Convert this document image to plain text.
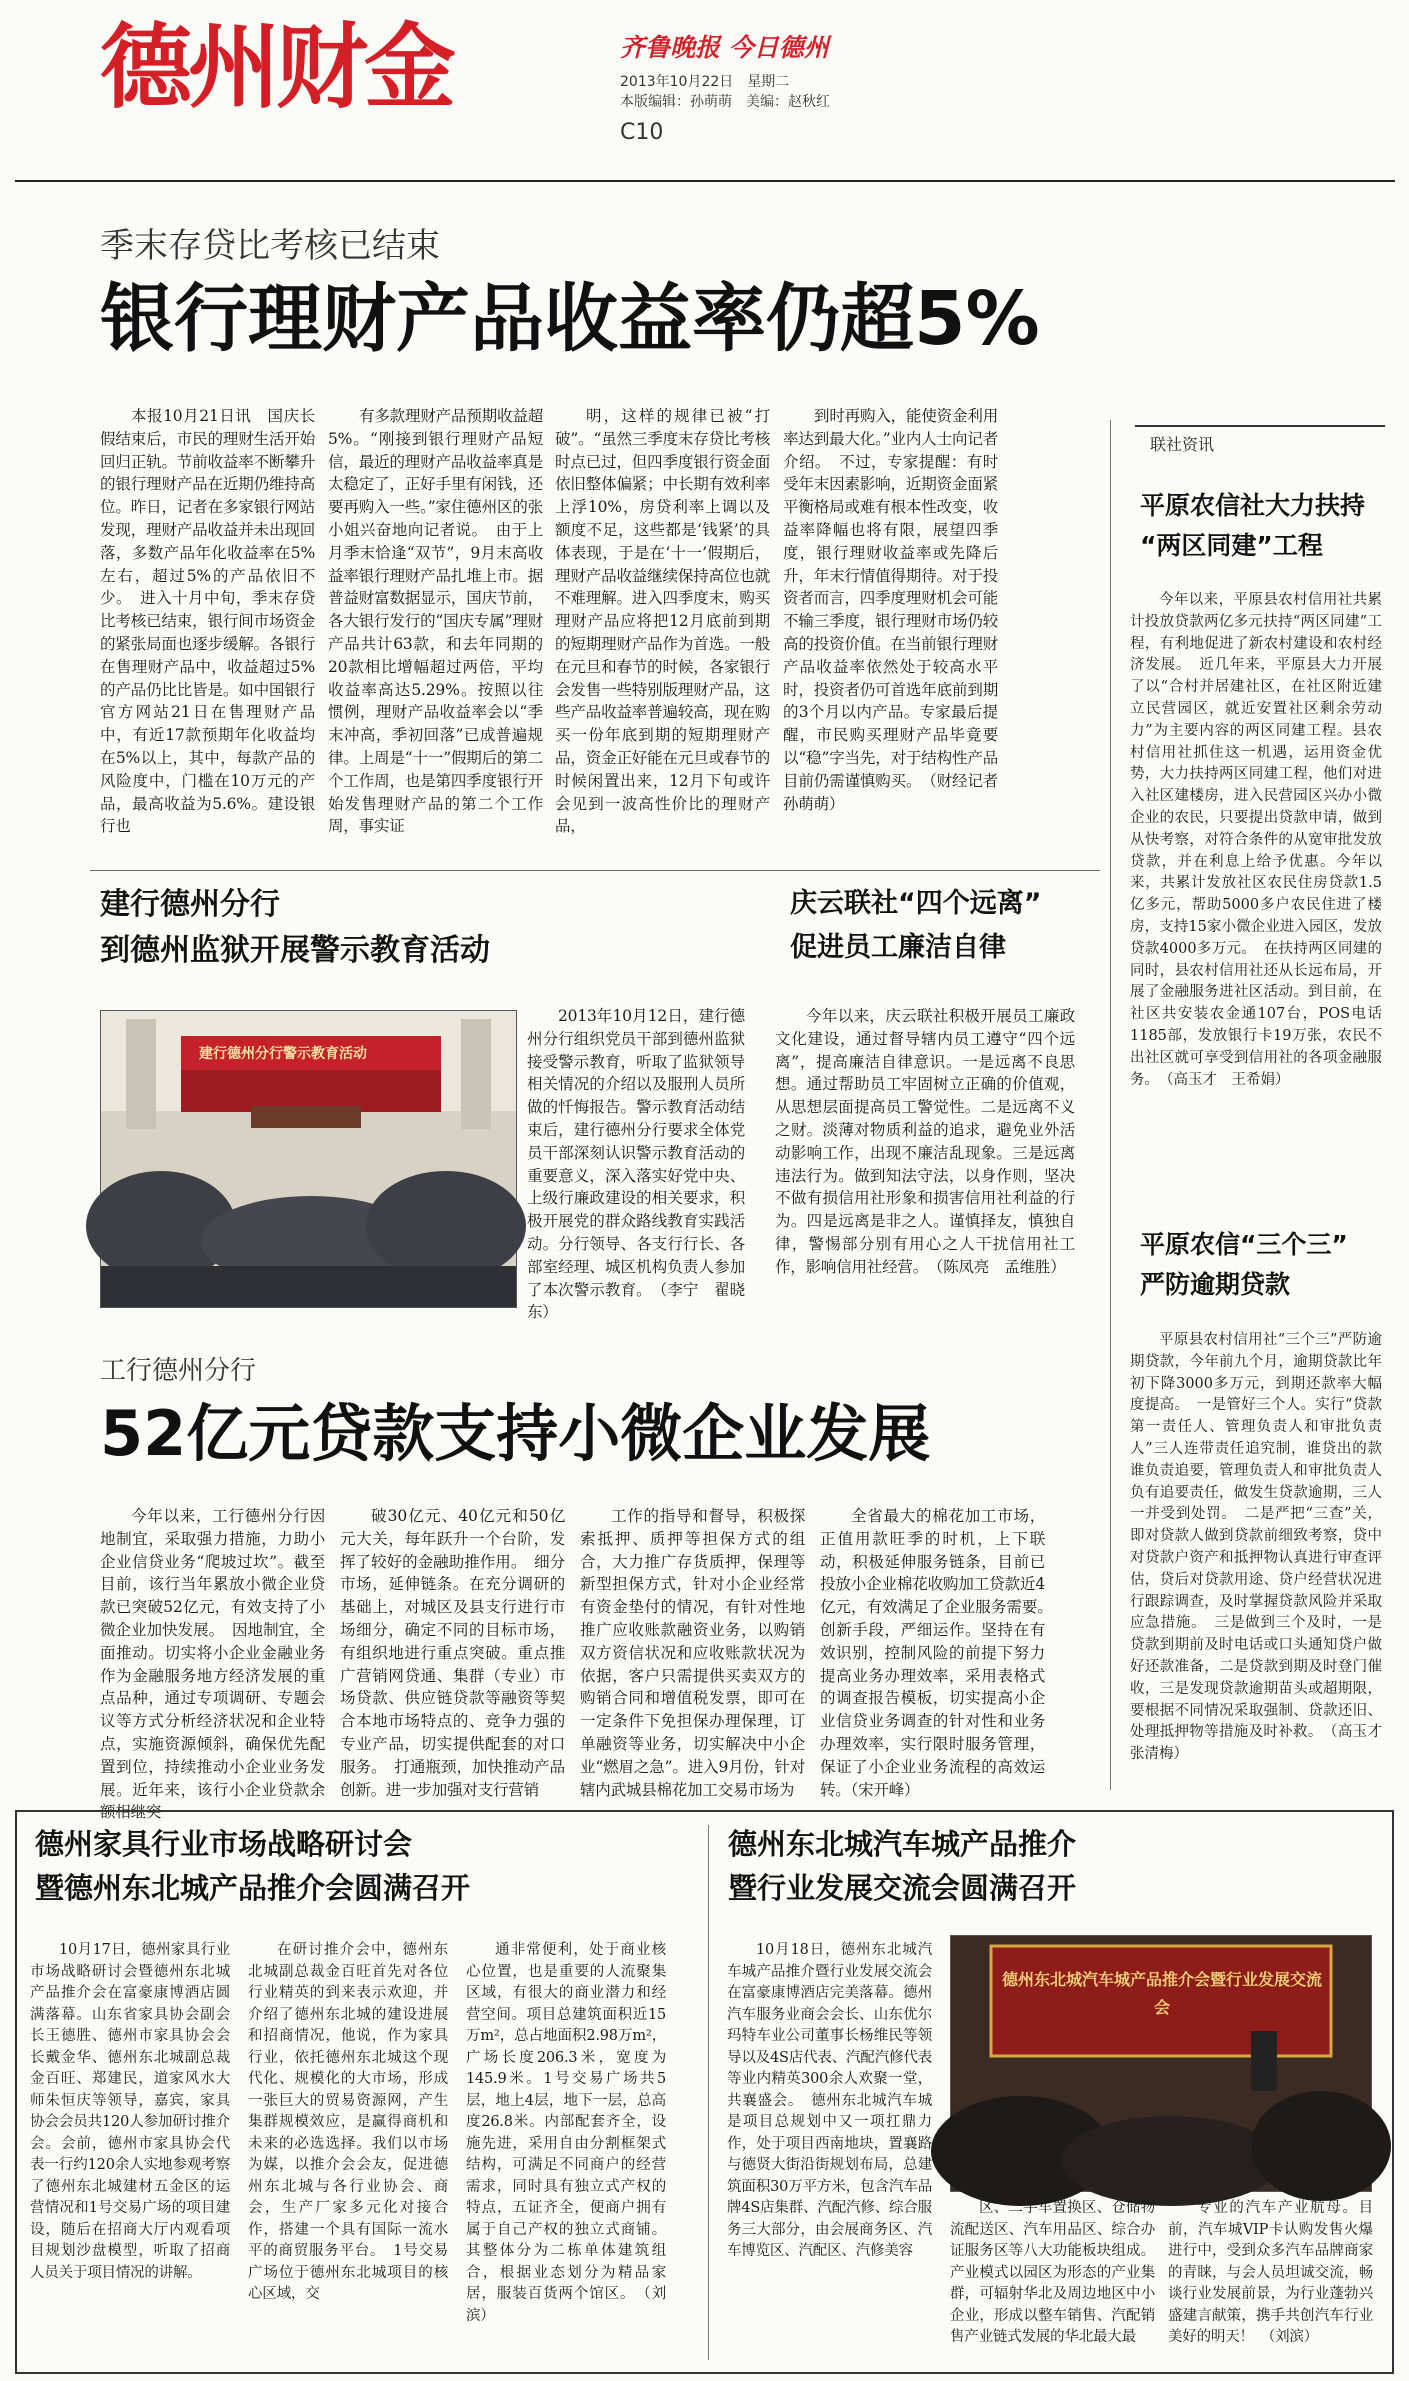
德州财金	齐鲁晚报 今日德州
2013年10月22日　星期二
本版编辑：孙萌萌　美编：赵秋红
C10
季末存贷比考核已结束
银行理财产品收益率仍超5%

本报10月21日讯　国庆长假结束后，市民的理财生活开始回归正轨。节前收益率不断攀升的银行理财产品在近期仍维持高位。昨日，记者在多家银行网站发现，理财产品收益并未出现回落，多数产品年化收益率在5%左右，超过5%的产品依旧不少。　进入十月中旬，季末存贷比考核已结束，银行间市场资金的紧张局面也逐步缓解。各银行在售理财产品中，收益超过5%的产品仍比比皆是。如中国银行官方网站21日在售理财产品中，有近17款预期年化收益均在5%以上，其中，每款产品的风险度中，门槛在10万元的产品，最高收益为5.6%。建设银行也

有多款理财产品预期收益超5%。“刚接到银行理财产品短信，最近的理财产品收益率真是太稳定了，正好手里有闲钱，还要再购入一些。”家住德州区的张小姐兴奋地向记者说。　由于上月季末恰逢“双节”，9月末高收益率银行理财产品扎堆上市。据普益财富数据显示，国庆节前，各大银行发行的“国庆专属”理财产品共计63款，和去年同期的20款相比增幅超过两倍，平均收益率高达5.29%。按照以往惯例，理财产品收益率会以“季末冲高，季初回落”已成普遍规律。上周是“十一”假期后的第二个工作周，也是第四季度银行开始发售理财产品的第二个工作周，事实证

明，这样的规律已被“打破”。“虽然三季度末存贷比考核时点已过，但四季度银行资金面依旧整体偏紧；中长期有效利率上浮10%，房贷利率上调以及额度不足，这些都是‘钱紧’的具体表现，于是在‘十一’假期后，理财产品收益继续保持高位也就不难理解。进入四季度末，购买理财产品应将把12月底前到期的短期理财产品作为首选。一般在元旦和春节的时候，各家银行会发售一些特别版理财产品，这些产品收益率普遍较高，现在购买一份年底到期的短期理财产品，资金正好能在元旦或春节的时候闲置出来，12月下旬或许会见到一波高性价比的理财产品，

到时再购入，能使资金利用率达到最大化。”业内人士向记者介绍。　不过，专家提醒：有时受年末因素影响，近期资金面紧平衡格局或难有根本性改变，收益率降幅也将有限，展望四季度，银行理财收益率或先降后升，年末行情值得期待。对于投资者而言，四季度理财机会可能不输三季度，银行理财市场仍较高的投资价值。在当前银行理财产品收益率依然处于较高水平时，投资者仍可首选年底前到期的3个月以内产品。专家最后提醒，市民购买理财产品毕竟要以“稳”字当先，对于结构性产品目前仍需谨慎购买。　（财经记者　孙萌萌）

联社资讯
平原农信社大力扶持
“两区同建”工程

今年以来，平原县农村信用社共累计投放贷款两亿多元扶持“两区同建”工程，有利地促进了新农村建设和农村经济发展。　近几年来，平原县大力开展了以“合村并居建社区，在社区附近建立民营园区，就近安置社区剩余劳动力”为主要内容的两区同建工程。县农村信用社抓住这一机遇，运用资金优势，大力扶持两区同建工程，他们对进入社区建楼房，进入民营园区兴办小微企业的农民，只要提出贷款申请，做到从快考察，对符合条件的从宽审批发放贷款，并在利息上给予优惠。今年以来，共累计发放社区农民住房贷款1.5亿多元，帮助5000多户农民住进了楼房，支持15家小微企业进入园区，发放贷款4000多万元。　在扶持两区同建的同时，县农村信用社还从长远布局，开展了金融服务进社区活动。到目前，在社区共安装农金通107台，POS电话1185部，发放银行卡19万张，农民不出社区就可享受到信用社的各项金融服务。　（高玉才　王希娟）

平原农信“三个三”
严防逾期贷款

平原县农村信用社“三个三”严防逾期贷款，今年前九个月，逾期贷款比年初下降3000多万元，到期还款率大幅度提高。　一是管好三个人。实行“贷款第一责任人、管理负责人和审批负责人”三人连带责任追究制，谁贷出的款谁负责追要，管理负责人和审批负责人负有追要责任，做发生贷款逾期，三人一并受到处罚。　二是严把“三查”关，即对贷款人做到贷款前细致考察，贷中对贷款户资产和抵押物认真进行审查评估，贷后对贷款用途、贷户经营状况进行跟踪调查，及时掌握贷款风险并采取应急措施。　三是做到三个及时，一是贷款到期前及时电话或口头通知贷户做好还款准备，二是贷款到期及时登门催收，三是发现贷款逾期苗头或超期限，要根据不同情况采取强制、贷款还旧、处理抵押物等措施及时补救。　（高玉才　张清梅）

建行德州分行
到德州监狱开展警示教育活动
建行德州分行警示教育活动

2013年10月12日，建行德州分行组织党员干部到德州监狱接受警示教育，听取了监狱领导相关情况的介绍以及服刑人员所做的忏悔报告。警示教育活动结束后，建行德州分行要求全体党员干部深刻认识警示教育活动的重要意义，深入落实好党中央、上级行廉政建设的相关要求，积极开展党的群众路线教育实践活动。分行领导、各支行行长、各部室经理、城区机构负责人参加了本次警示教育。　（李宁　翟晓东）

庆云联社“四个远离”
促进员工廉洁自律

今年以来，庆云联社积极开展员工廉政文化建设，通过督导辖内员工遵守“四个远离”，提高廉洁自律意识。一是远离不良思想。通过帮助员工牢固树立正确的价值观，从思想层面提高员工警觉性。二是远离不义之财。淡薄对物质利益的追求，避免业外活动影响工作，出现不廉洁乱现象。三是远离违法行为。做到知法守法，以身作则，坚决不做有损信用社形象和损害信用社利益的行为。四是远离是非之人。谨慎择友，慎独自律，警惕部分别有用心之人干扰信用社工作，影响信用社经营。　（陈凤亮　孟维胜）

工行德州分行
52亿元贷款支持小微企业发展

今年以来，工行德州分行因地制宜，采取强力措施，力助小企业信贷业务“爬坡过坎”。截至目前，该行当年累放小微企业贷款已突破52亿元，有效支持了小微企业加快发展。　因地制宜，全面推动。切实将小企业金融业务作为金融服务地方经济发展的重点品种，通过专项调研、专题会议等方式分析经济状况和企业特点，实施资源倾斜，确保优先配置到位，持续推动小企业业务发展。近年来，该行小企业贷款余额相继突

破30亿元、40亿元和50亿元大关，每年跃升一个台阶，发挥了较好的金融助推作用。　细分市场，延伸链条。在充分调研的基础上，对城区及县支行进行市场细分，确定不同的目标市场，有组织地进行重点突破。重点推广营销网贷通、集群（专业）市场贷款、供应链贷款等融资等契合本地市场特点的、竞争力强的专业产品，切实提供配套的对口服务。　打通瓶颈，加快推动产品创新。进一步加强对支行营销

工作的指导和督导，积极探索抵押、质押等担保方式的组合，大力推广存货质押，保理等新型担保方式，针对小企业经常有资金垫付的情况，有针对性地推广应收账款融资业务，以购销双方资信状况和应收账款状况为依据，客户只需提供买卖双方的购销合同和增值税发票，即可在一定条件下免担保办理保理，订单融资等业务，切实解决中小企业“燃眉之急”。进入9月份，针对辖内武城县棉花加工交易市场为

全省最大的棉花加工市场，正值用款旺季的时机，上下联动，积极延伸服务链条，目前已投放小企业棉花收购加工贷款近4亿元，有效满足了企业服务需要。　创新手段，严细运作。坚持在有效识别，控制风险的前提下努力提高业务办理效率，采用表格式的调查报告模板，切实提高小企业信贷业务调查的针对性和业务办理效率，实行限时服务管理，保证了小企业业务流程的高效运转。（宋开峰）

德州家具行业市场战略研讨会
暨德州东北城产品推介会圆满召开

10月17日，德州家具行业市场战略研讨会暨德州东北城产品推介会在富豪康博酒店圆满落幕。山东省家具协会副会长王德胜、德州市家具协会会长戴金华、德州东北城副总裁金百旺、郑建民，道家风水大师朱恒庆等领导，嘉宾，家具协会会员共120人参加研讨推介会。会前，德州市家具协会代表一行约120余人实地参观考察了德州东北城建材五金区的运营情况和1号交易广场的项目建设，随后在招商大厅内观看项目规划沙盘模型，听取了招商人员关于项目情况的讲解。

在研讨推介会中，德州东北城副总裁金百旺首先对各位行业精英的到来表示欢迎，并介绍了德州东北城的建设进展和招商情况，他说，作为家具行业，依托德州东北城这个现代化、规模化的大市场，形成一张巨大的贸易资源网，产生集群规模效应，是赢得商机和未来的必选选择。我们以市场为媒，以推介会会友，促进德州东北城与各行业协会、商会，生产厂家多元化对接合作，搭建一个具有国际一流水平的商贸服务平台。　1号交易广场位于德州东北城项目的核心区域，交

通非常便利，处于商业核心位置，也是重要的人流聚集区域，有很大的商业潜力和经营空间。项目总建筑面积近15万m²，总占地面积2.98万m²，广场长度206.3米，宽度为145.9米。1号交易广场共5层，地上4层，地下一层，总高度26.8米。内部配套齐全，设施先进，采用自由分割框架式结构，可满足不同商户的经营需求，同时具有独立式产权的特点，五证齐全，便商户拥有属于自己产权的独立式商铺。其整体分为二栋单体建筑组合，根据业态划分为精品家居，服装百货两个馆区。　（刘滨）

德州东北城汽车城产品推介
暨行业发展交流会圆满召开

10月18日，德州东北城汽车城产品推介暨行业发展交流会在富豪康博酒店完美落幕。德州汽车服务业商会会长、山东优尔玛特车业公司董事长杨维民等领导以及4S店代表、汽配汽修代表等业内精英300余人欢聚一堂，共襄盛会。　德州东北城汽车城是项目总规划中又一项扛鼎力作，处于项目西南地块，置襄路与德贤大街沿街规划布局，总建筑面积30万平方米，包含汽车品牌4S店集群、汽配汽修、综合服务三大部分，由会展商务区、汽车博览区、汽配区、汽修美容

德州东北城汽车城产品推介会暨行业发展交流会

区、二手车置换区、仓储物流配送区、汽车用品区、综合办证服务区等八大功能板块组成。产业模式以园区为形态的产业集群，可辐射华北及周边地区中小企业，形成以整车销售、汽配销售产业链式发展的华北最大最

专业的汽车产业航母。目前，汽车城VIP卡认购发售火爆进行中，受到众多汽车品牌商家的青睐，与会人员坦诚交流，畅谈行业发展前景，为行业蓬勃兴盛建言献策，携手共创汽车行业美好的明天！　（刘滨）
